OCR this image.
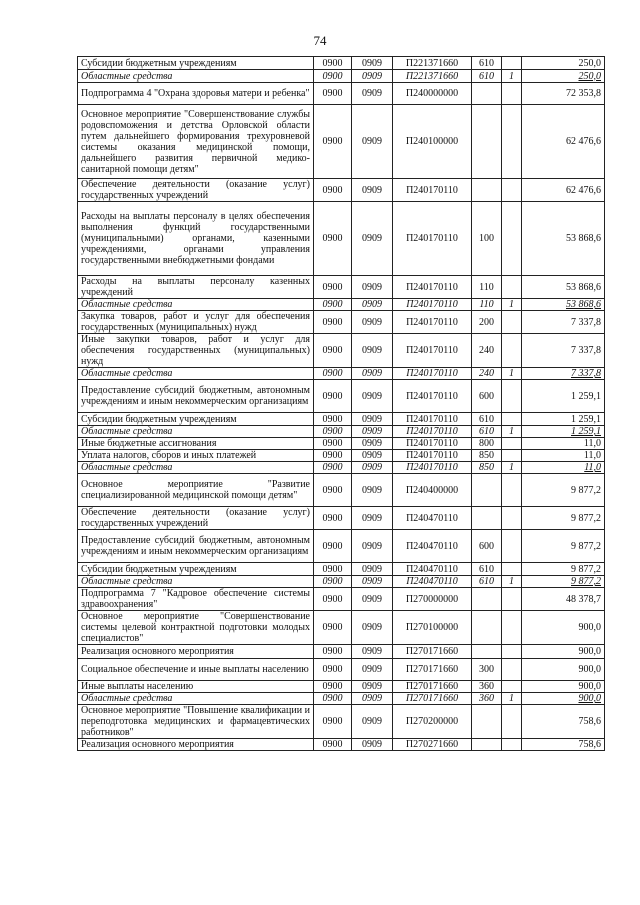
74
Субсидии бюджетным учреждениям	0900	0909	П221371660	610		250,0
Областные средства	0900	0909	П221371660	610	1	250,0
Подпрограмма 4 "Охрана здоровья матери и ребенка"	0900	0909	П240000000			72 353,8
Основное мероприятие "Совершенствование службы родовспоможения и детства Орловской области путем дальнейшего формирования трехуровневой системы оказания медицинской помощи, дальнейшего развития первичной медико-санитарной помощи детям"	0900	0909	П240100000			62 476,6
Обеспечение деятельности (оказание услуг) государственных учреждений	0900	0909	П240170110			62 476,6
Расходы на выплаты персоналу в целях обеспечения выполнения функций государственными (муниципальными) органами, казенными учреждениями, органами управления государственными внебюджетными фондами	0900	0909	П240170110	100		53 868,6
Расходы на выплаты персоналу казенных учреждений	0900	0909	П240170110	110		53 868,6
Областные средства	0900	0909	П240170110	110	1	53 868,6
Закупка товаров, работ и услуг для обеспечения государственных (муниципальных) нужд	0900	0909	П240170110	200		7 337,8
Иные закупки товаров, работ и услуг для обеспечения государственных (муниципальных) нужд	0900	0909	П240170110	240		7 337,8
Областные средства	0900	0909	П240170110	240	1	7 337,8
Предоставление субсидий бюджетным, автономным учреждениям и иным некоммерческим организациям	0900	0909	П240170110	600		1 259,1
Субсидии бюджетным учреждениям	0900	0909	П240170110	610		1 259,1
Областные средства	0900	0909	П240170110	610	1	1 259,1
Иные бюджетные ассигнования	0900	0909	П240170110	800		11,0
Уплата налогов, сборов и иных платежей	0900	0909	П240170110	850		11,0
Областные средства	0900	0909	П240170110	850	1	11,0
Основное мероприятие "Развитие специализированной медицинской помощи детям"	0900	0909	П240400000			9 877,2
Обеспечение деятельности (оказание услуг) государственных учреждений	0900	0909	П240470110			9 877,2
Предоставление субсидий бюджетным, автономным учреждениям и иным некоммерческим организациям	0900	0909	П240470110	600		9 877,2
Субсидии бюджетным учреждениям	0900	0909	П240470110	610		9 877,2
Областные средства	0900	0909	П240470110	610	1	9 877,2
Подпрограмма 7 "Кадровое обеспечение системы здравоохранения"	0900	0909	П270000000			48 378,7
Основное мероприятие "Совершенствование системы целевой контрактной подготовки молодых специалистов"	0900	0909	П270100000			900,0
Реализация основного мероприятия	0900	0909	П270171660			900,0
Социальное обеспечение и иные выплаты населению	0900	0909	П270171660	300		900,0
Иные выплаты населению	0900	0909	П270171660	360		900,0
Областные средства	0900	0909	П270171660	360	1	900,0
Основное мероприятие "Повышение квалификации и переподготовка медицинских и фармацевтических работников"	0900	0909	П270200000			758,6
Реализация основного мероприятия	0900	0909	П270271660			758,6
